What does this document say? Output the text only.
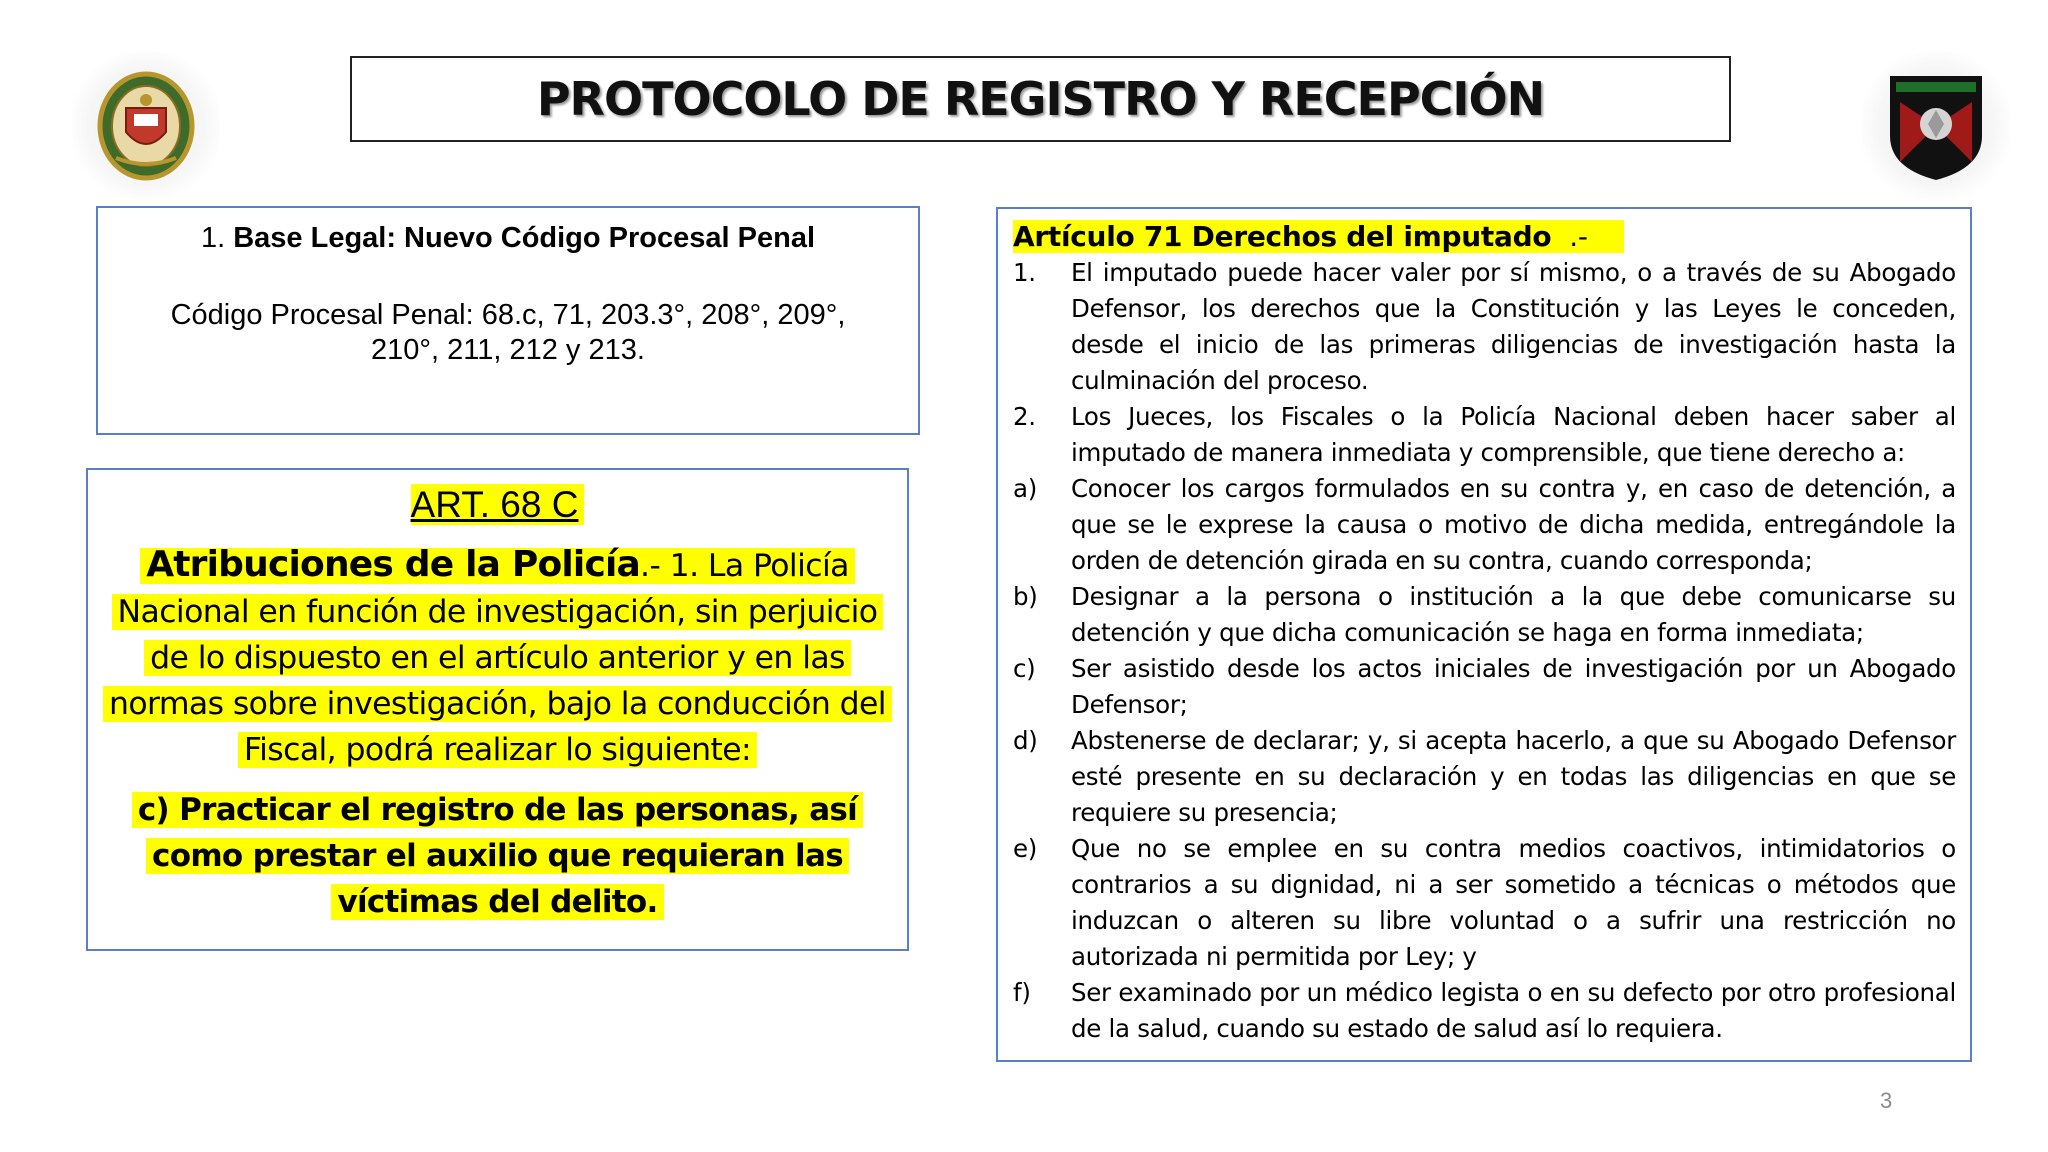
PROTOCOLO DE REGISTRO Y RECEPCIÓN
1. Base Legal: Nuevo Código Procesal Penal
Código Procesal Penal: 68.c, 71, 203.3°, 208°, 209°,
210°, 211, 212 y 213.
ART. 68 C
Atribuciones de la Policía.- 1. La Policía Nacional en función de investigación, sin perjuicio de lo dispuesto en el artículo anterior y en las normas sobre investigación, bajo la conducción del Fiscal, podrá realizar lo siguiente:
c) Practicar el registro de las personas, así como prestar el auxilio que requieran las víctimas del delito.
Artículo 71 Derechos del imputado .-
1.	El imputado puede hacer valer por sí mismo, o a través de su Abogado Defensor, los derechos que la Constitución y las Leyes le conceden, desde el inicio de las primeras diligencias de investigación hasta la culminación del proceso.
2.	Los Jueces, los Fiscales o la Policía Nacional deben hacer saber al imputado de manera inmediata y comprensible, que tiene derecho a:
a)	Conocer los cargos formulados en su contra y, en caso de detención, a que se le exprese la causa o motivo de dicha medida, entregándole la orden de detención girada en su contra, cuando corresponda;
b)	Designar a la persona o institución a la que debe comunicarse su detención y que dicha comunicación se haga en forma inmediata;
c)	Ser asistido desde los actos iniciales de investigación por un Abogado Defensor;
d)	Abstenerse de declarar; y, si acepta hacerlo, a que su Abogado Defensor esté presente en su declaración y en todas las diligencias en que se requiere su presencia;
e)	Que no se emplee en su contra medios coactivos, intimidatorios o contrarios a su dignidad, ni a ser sometido a técnicas o métodos que induzcan o alteren su libre voluntad o a sufrir una restricción no autorizada ni permitida por Ley; y
f)	Ser examinado por un médico legista o en su defecto por otro profesional de la salud, cuando su estado de salud así lo requiera.
3
